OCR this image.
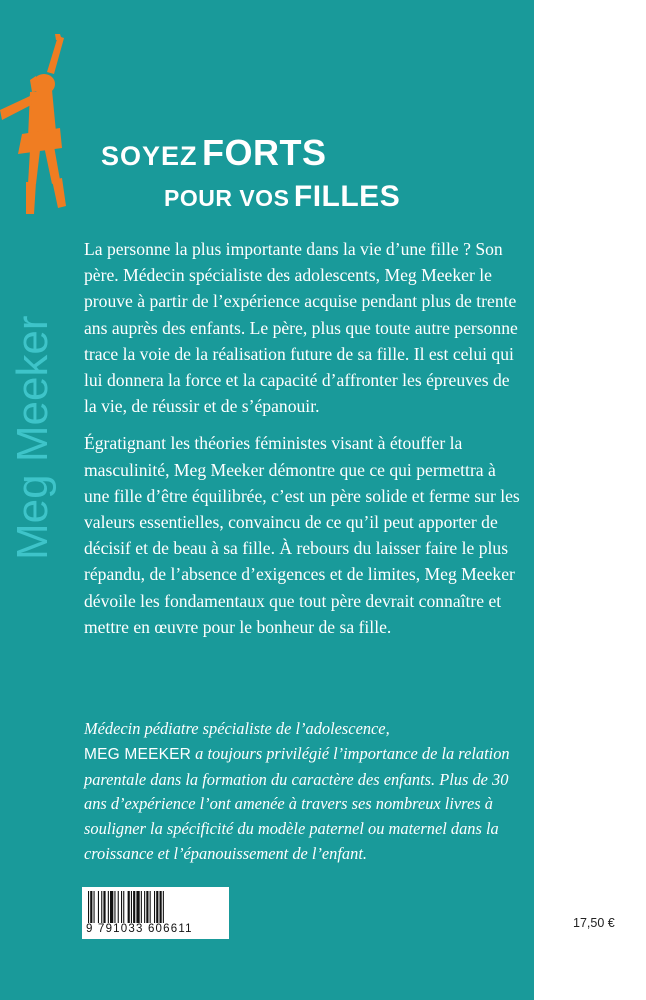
Meg Meeker
SOYEZ FORTS
POUR VOS FILLES

La personne la plus importante dans la vie d’une fille ? Son père. Médecin spécialiste des adolescents, Meg Meeker le prouve à partir de l’expérience acquise pendant plus de trente ans auprès des enfants. Le père, plus que toute autre personne trace la voie de la réalisation future de sa fille. Il est celui qui lui donnera la force et la capacité d’affronter les épreuves de la vie, de réussir et de s’épanouir.

Égratignant les théories féministes visant à étouffer la masculinité, Meg Meeker démontre que ce qui permettra à une fille d’être équilibrée, c’est un père solide et ferme sur les valeurs essentielles, convaincu de ce qu’il peut apporter de décisif et de beau à sa fille. À rebours du laisser faire le plus répandu, de l’absence d’exigences et de limites, Meg Meeker dévoile les fondamentaux que tout père devrait connaître et mettre en œuvre pour le bonheur de sa fille.

Médecin pédiatre spécialiste de l’adolescence,
MEG MEEKER a toujours privilégié l’importance de la relation parentale dans la formation du caractère des enfants. Plus de 30 ans d’expérience l’ont amenée à travers ses nombreux livres à souligner la spécificité du modèle paternel ou maternel dans la croissance et l’épanouissement de l’enfant.
9 791033 606611	17,50 €
